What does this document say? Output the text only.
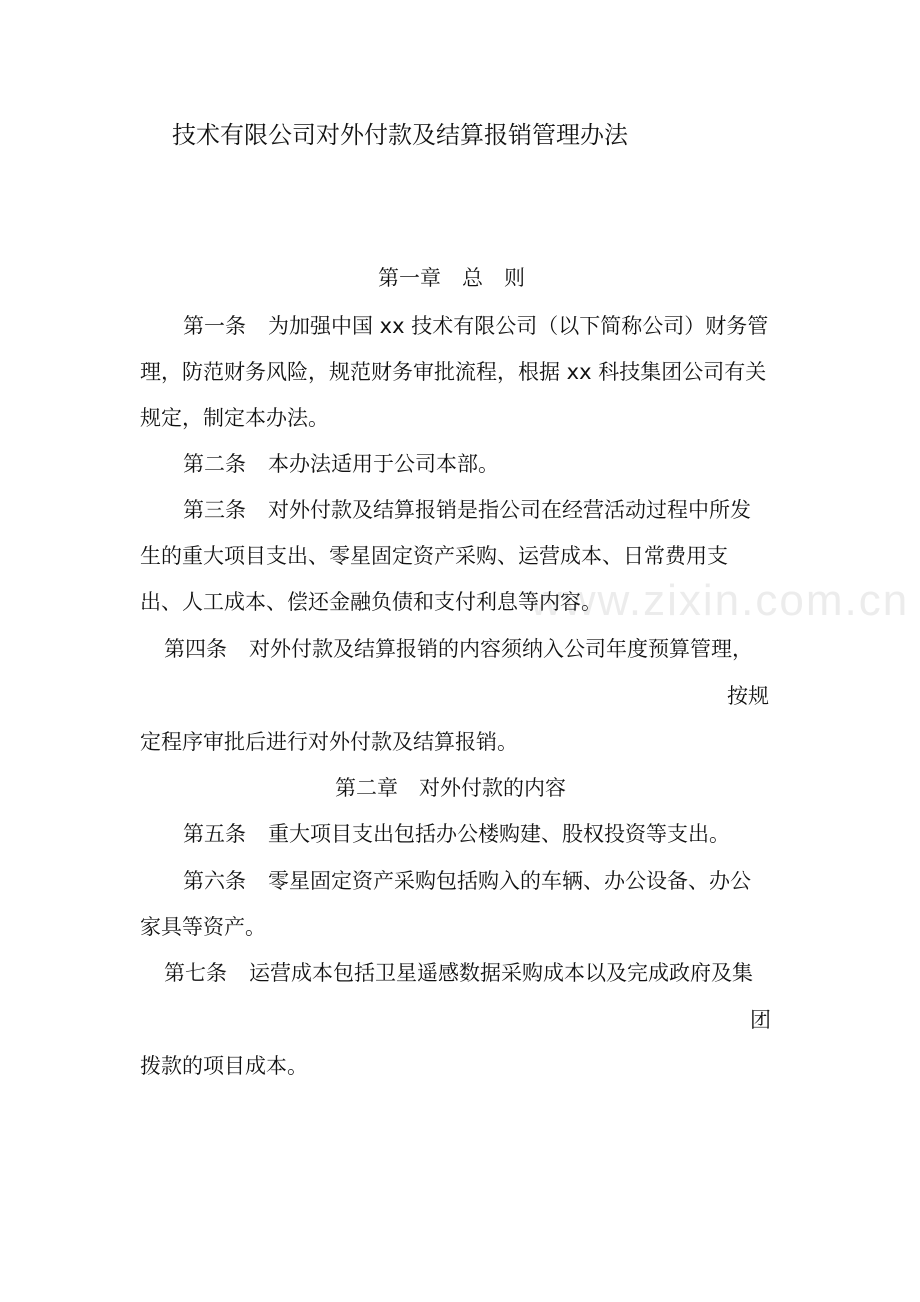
www.zixin.com.cn
技术有限公司对外付款及结算报销管理办法
第一章　总　则
第一条 为加强中国 xx 技术有限公司（以下简称公司）财务管
理，防范财务风险，规范财务审批流程，根据 xx 科技集团公司有关
规定，制定本办法。
第二条 本办法适用于公司本部。
第三条 对外付款及结算报销是指公司在经营活动过程中所发
生的重大项目支出、零星固定资产采购、运营成本、日常费用支
出、人工成本、偿还金融负债和支付利息等内容。
第四条 对外付款及结算报销的内容须纳入公司年度预算管理，
按规
定程序审批后进行对外付款及结算报销。
第二章　对外付款的内容
第五条 重大项目支出包括办公楼购建、股权投资等支出。
第六条 零星固定资产采购包括购入的车辆、办公设备、办公
家具等资产。
第七条 运营成本包括卫星遥感数据采购成本以及完成政府及集
团
拨款的项目成本。
